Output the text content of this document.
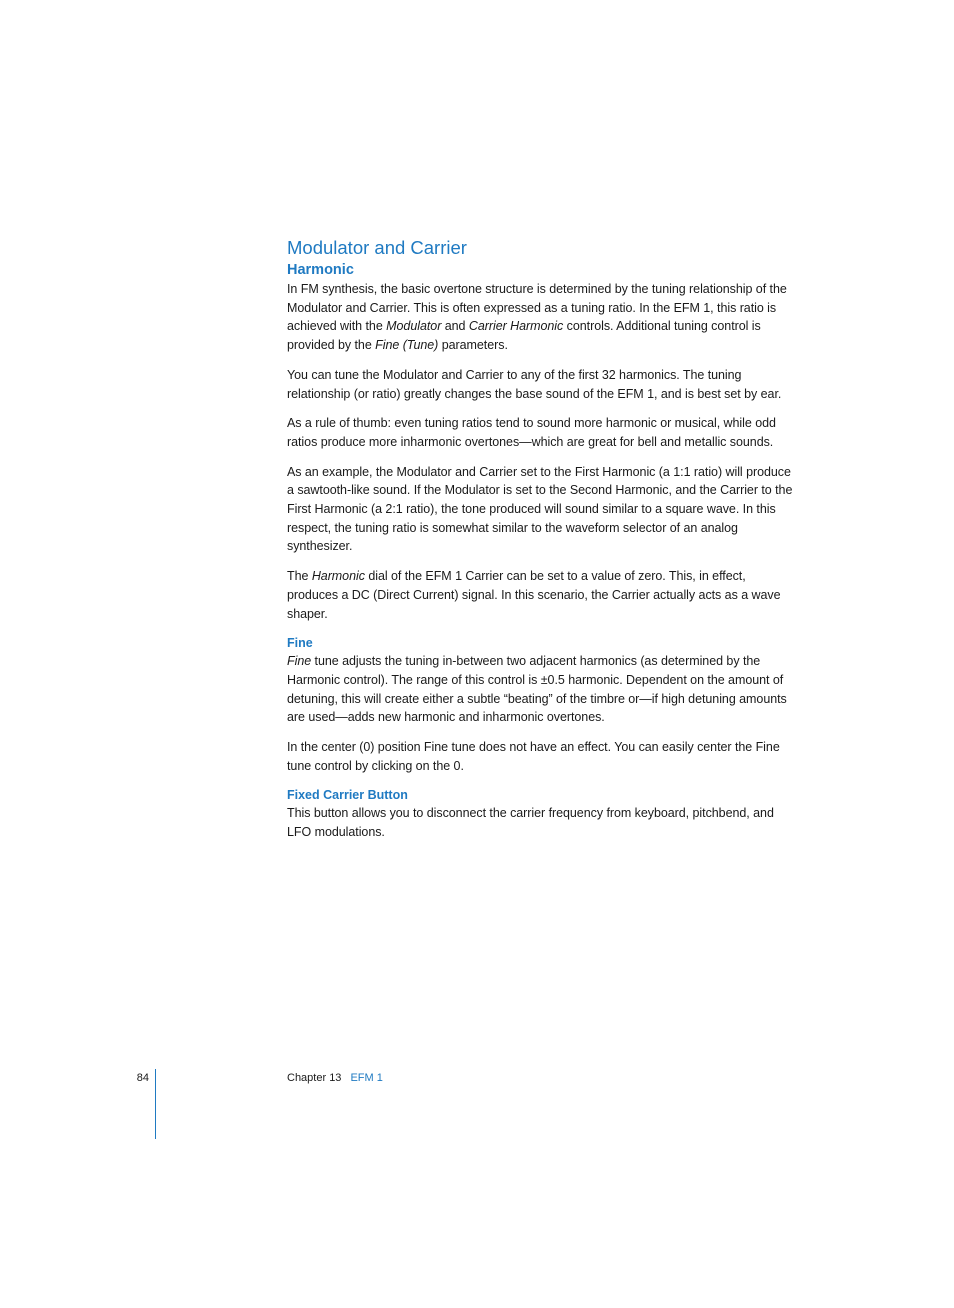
Modulator and Carrier
Harmonic

In FM synthesis, the basic overtone structure is determined by the tuning relationship of the Modulator and Carrier. This is often expressed as a tuning ratio. In the EFM 1, this ratio is achieved with the Modulator and Carrier Harmonic controls. Additional tuning control is provided by the Fine (Tune) parameters.

You can tune the Modulator and Carrier to any of the first 32 harmonics. The tuning relationship (or ratio) greatly changes the base sound of the EFM 1, and is best set by ear.

As a rule of thumb: even tuning ratios tend to sound more harmonic or musical, while odd ratios produce more inharmonic overtones—which are great for bell and metallic sounds.

As an example, the Modulator and Carrier set to the First Harmonic (a 1:1 ratio) will produce a sawtooth-like sound. If the Modulator is set to the Second Harmonic, and the Carrier to the First Harmonic (a 2:1 ratio), the tone produced will sound similar to a square wave. In this respect, the tuning ratio is somewhat similar to the waveform selector of an analog synthesizer.

The Harmonic dial of the EFM 1 Carrier can be set to a value of zero. This, in effect, produces a DC (Direct Current) signal. In this scenario, the Carrier actually acts as a wave shaper.

Fine

Fine tune adjusts the tuning in-between two adjacent harmonics (as determined by the Harmonic control). The range of this control is ±0.5 harmonic. Dependent on the amount of detuning, this will create either a subtle “beating” of the timbre or—if high detuning amounts are used—adds new harmonic and inharmonic overtones.

In the center (0) position Fine tune does not have an effect. You can easily center the Fine tune control by clicking on the 0.

Fixed Carrier Button

This button allows you to disconnect the carrier frequency from keyboard, pitchbend, and LFO modulations.

84	Chapter 13 EFM 1
